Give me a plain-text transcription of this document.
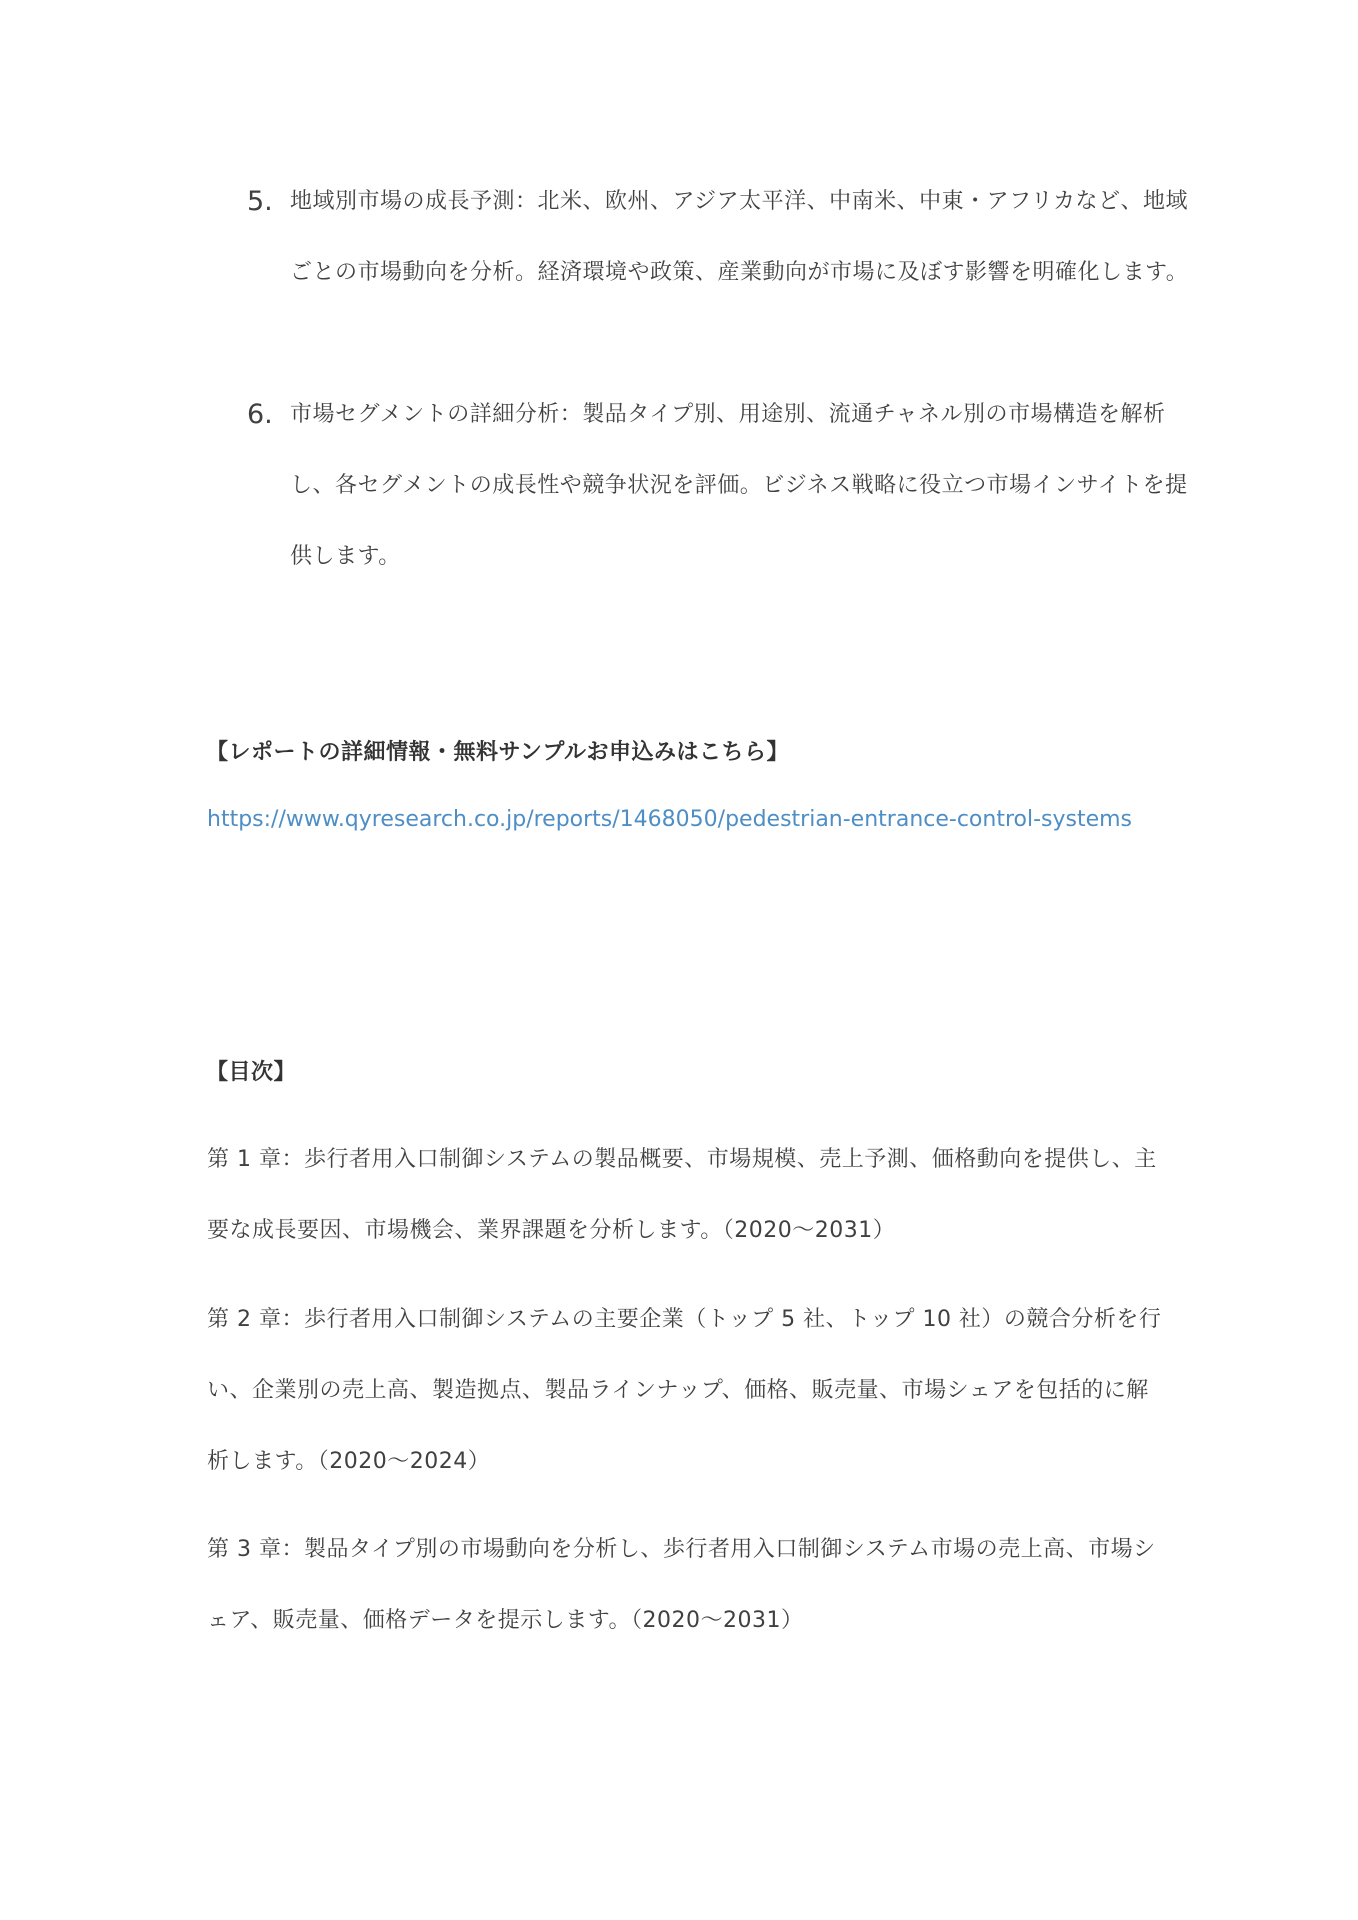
5. 地域別市場の成長予測：北米、欧州、アジア太平洋、中南米、中東・アフリカなど、地域ごとの市場動向を分析。経済環境や政策、産業動向が市場に及ぼす影響を明確化します。
6. 市場セグメントの詳細分析：製品タイプ別、用途別、流通チャネル別の市場構造を解析し、各セグメントの成長性や競争状況を評価。ビジネス戦略に役立つ市場インサイトを提供します。
【レポートの詳細情報・無料サンプルお申込みはこちら】
https://www.qyresearch.co.jp/reports/1468050/pedestrian-entrance-control-systems
【目次】
第 1 章：歩行者用入口制御システムの製品概要、市場規模、売上予測、価格動向を提供し、主要な成長要因、市場機会、業界課題を分析します。（2020～2031）
第 2 章：歩行者用入口制御システムの主要企業（トップ 5 社、トップ 10 社）の競合分析を行い、企業別の売上高、製造拠点、製品ラインナップ、価格、販売量、市場シェアを包括的に解析します。（2020～2024）
第 3 章：製品タイプ別の市場動向を分析し、歩行者用入口制御システム市場の売上高、市場シェア、販売量、価格データを提示します。（2020～2031）
